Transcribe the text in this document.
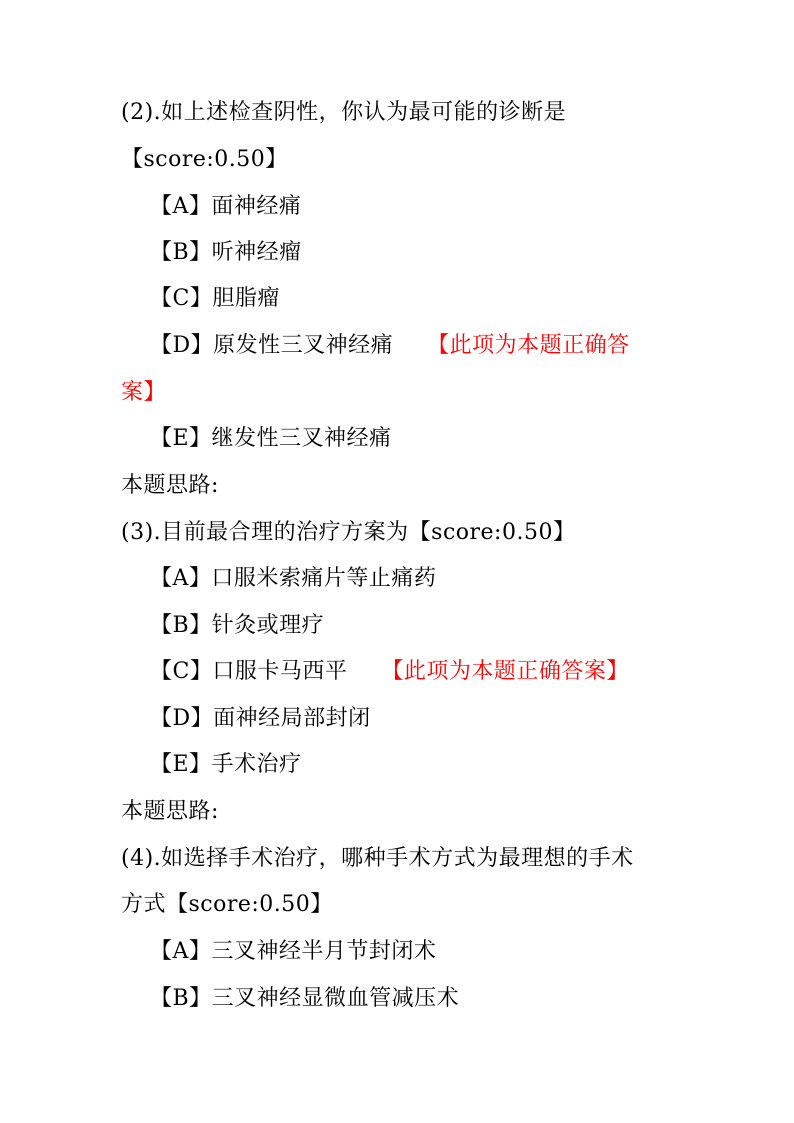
(2).如上述检查阴性，你认为最可能的诊断是
【score:0.50】
【A】面神经痛
【B】听神经瘤
【C】胆脂瘤
【D】原发性三叉神经痛 【此项为本题正确答
案】
【E】继发性三叉神经痛
本题思路:
(3).目前最合理的治疗方案为【score:0.50】
【A】口服米索痛片等止痛药
【B】针灸或理疗
【C】口服卡马西平 【此项为本题正确答案】
【D】面神经局部封闭
【E】手术治疗
本题思路:
(4).如选择手术治疗，哪种手术方式为最理想的手术
方式【score:0.50】
【A】三叉神经半月节封闭术
【B】三叉神经显微血管减压术
